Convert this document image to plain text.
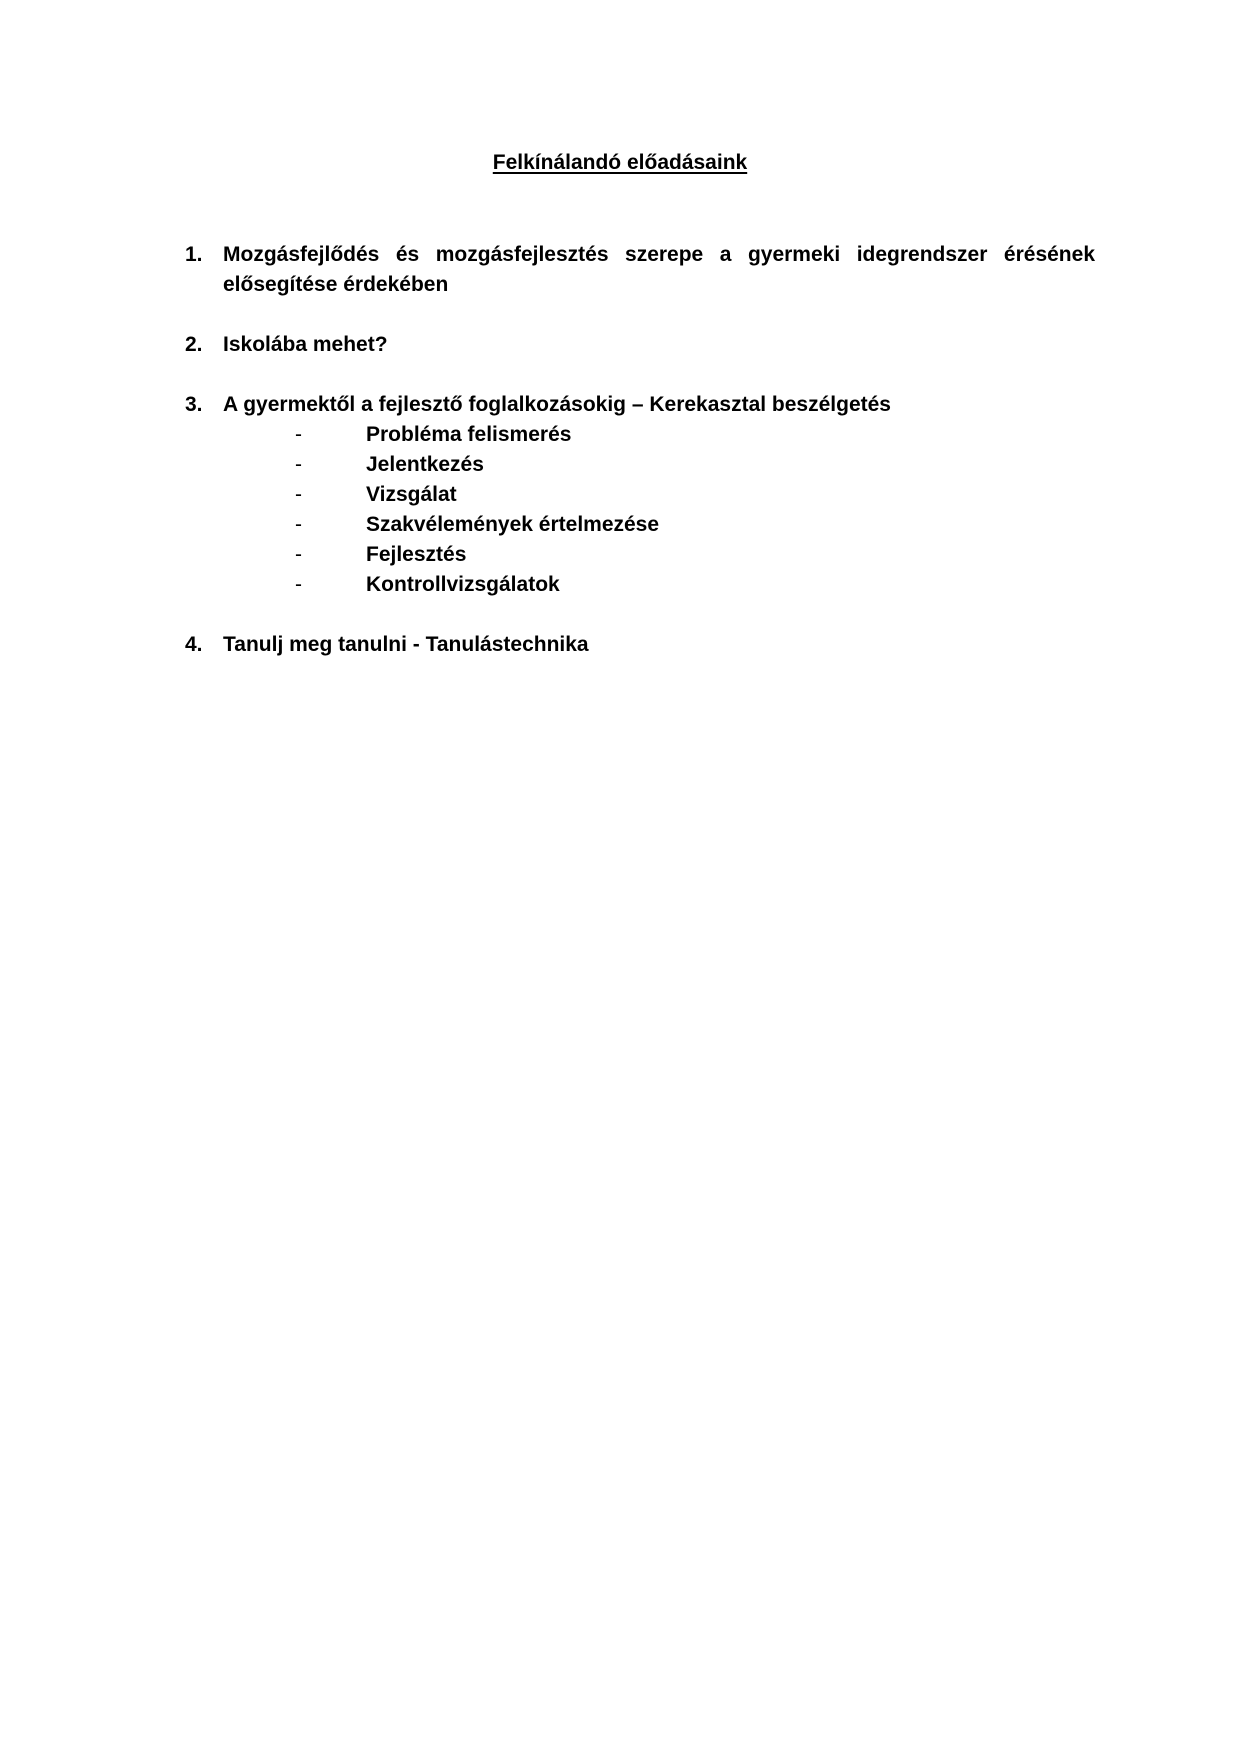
Felkínálandó előadásaink
1. Mozgásfejlődés és mozgásfejlesztés szerepe a gyermeki idegrendszer érésének elősegítése érdekében
2. Iskolába mehet?
3. A gyermektől a fejlesztő foglalkozásokig – Kerekasztal beszélgetés
-	Probléma felismerés
-	Jelentkezés
-	Vizsgálat
-	Szakvélemények értelmezése
-	Fejlesztés
-	Kontrollvizsgálatok
4. Tanulj meg tanulni - Tanulástechnika
